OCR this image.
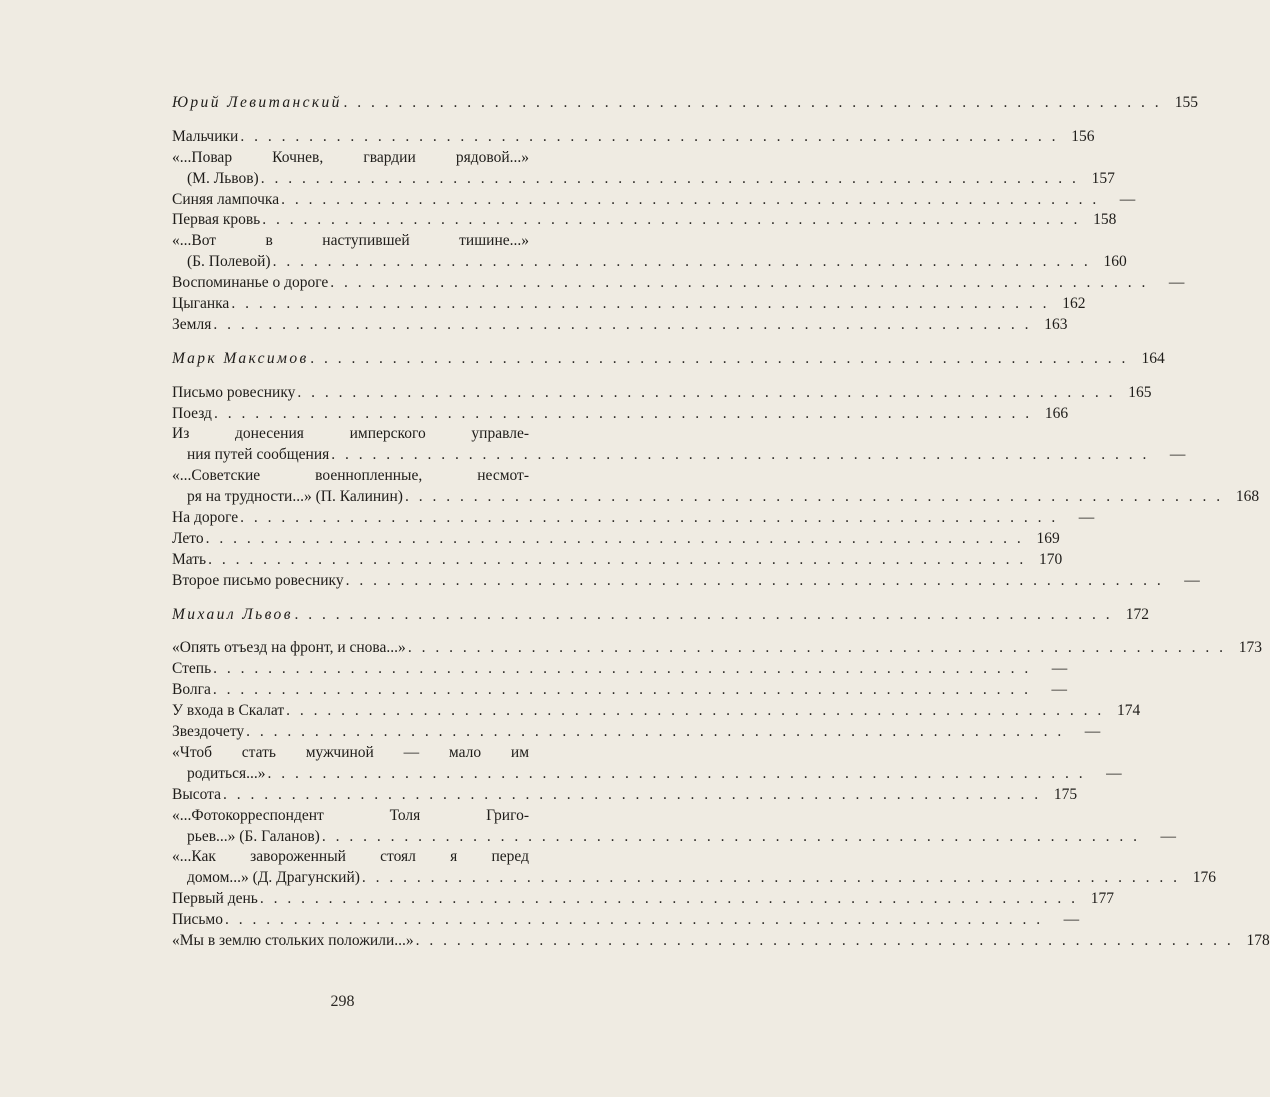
Юрий Левитанский . . . . . . . . . . . . . . . . . . . . . . . . . . . . . . . . . . . . . . . . . . . . . . . . . . . . . . . . . . . . 155
Мальчики . . . . . . . . . . . . . . . . . . . . . . . . . . . . . . . . . . . . . . . . . . . . . . . . . . . . . . . . . . . . 156
«...Повар Кочнев, гвардии рядовой...»
(М. Львов) . . . . . . . . . . . . . . . . . . . . . . . . . . . . . . . . . . . . . . . . . . . . . . . . . . . . . . . . . . . . 157
Синяя лампочка . . . . . . . . . . . . . . . . . . . . . . . . . . . . . . . . . . . . . . . . . . . . . . . . . . . . . . . . . . . .	—
Первая кровь . . . . . . . . . . . . . . . . . . . . . . . . . . . . . . . . . . . . . . . . . . . . . . . . . . . . . . . . . . . . 158
«...Вот в наступившей тишине...»
(Б. Полевой) . . . . . . . . . . . . . . . . . . . . . . . . . . . . . . . . . . . . . . . . . . . . . . . . . . . . . . . . . . . . 160
Воспоминанье о дороге . . . . . . . . . . . . . . . . . . . . . . . . . . . . . . . . . . . . . . . . . . . . . . . . . . . . . . . . . . . .	—
Цыганка . . . . . . . . . . . . . . . . . . . . . . . . . . . . . . . . . . . . . . . . . . . . . . . . . . . . . . . . . . . . 162
Земля . . . . . . . . . . . . . . . . . . . . . . . . . . . . . . . . . . . . . . . . . . . . . . . . . . . . . . . . . . . . 163
Марк Максимов . . . . . . . . . . . . . . . . . . . . . . . . . . . . . . . . . . . . . . . . . . . . . . . . . . . . . . . . . . . . 164
Письмо ровеснику . . . . . . . . . . . . . . . . . . . . . . . . . . . . . . . . . . . . . . . . . . . . . . . . . . . . . . . . . . . . 165
Поезд . . . . . . . . . . . . . . . . . . . . . . . . . . . . . . . . . . . . . . . . . . . . . . . . . . . . . . . . . . . . 166
Из донесения имперского управле-
ния путей сообщения . . . . . . . . . . . . . . . . . . . . . . . . . . . . . . . . . . . . . . . . . . . . . . . . . . . . . . . . . . . .	—
«...Советские военнопленные, несмот-
ря на трудности...» (П. Калинин) . . . . . . . . . . . . . . . . . . . . . . . . . . . . . . . . . . . . . . . . . . . . . . . . . . . . . . . . . . . . 168
На дороге . . . . . . . . . . . . . . . . . . . . . . . . . . . . . . . . . . . . . . . . . . . . . . . . . . . . . . . . . . . .	—
Лето . . . . . . . . . . . . . . . . . . . . . . . . . . . . . . . . . . . . . . . . . . . . . . . . . . . . . . . . . . . . 169
Мать . . . . . . . . . . . . . . . . . . . . . . . . . . . . . . . . . . . . . . . . . . . . . . . . . . . . . . . . . . . . 170
Второе письмо ровеснику . . . . . . . . . . . . . . . . . . . . . . . . . . . . . . . . . . . . . . . . . . . . . . . . . . . . . . . . . . . .	—
Михаил Львов . . . . . . . . . . . . . . . . . . . . . . . . . . . . . . . . . . . . . . . . . . . . . . . . . . . . . . . . . . . . 172
«Опять отъезд на фронт, и снова...» . . . . . . . . . . . . . . . . . . . . . . . . . . . . . . . . . . . . . . . . . . . . . . . . . . . . . . . . . . . . 173
Степь . . . . . . . . . . . . . . . . . . . . . . . . . . . . . . . . . . . . . . . . . . . . . . . . . . . . . . . . . . . .	—
Волга . . . . . . . . . . . . . . . . . . . . . . . . . . . . . . . . . . . . . . . . . . . . . . . . . . . . . . . . . . . .	—
У входа в Скалат . . . . . . . . . . . . . . . . . . . . . . . . . . . . . . . . . . . . . . . . . . . . . . . . . . . . . . . . . . . . 174
Звездочету . . . . . . . . . . . . . . . . . . . . . . . . . . . . . . . . . . . . . . . . . . . . . . . . . . . . . . . . . . . .	—
«Чтоб стать мужчиной — мало им
родиться...» . . . . . . . . . . . . . . . . . . . . . . . . . . . . . . . . . . . . . . . . . . . . . . . . . . . . . . . . . . . .	—
Высота . . . . . . . . . . . . . . . . . . . . . . . . . . . . . . . . . . . . . . . . . . . . . . . . . . . . . . . . . . . . 175
«...Фотокорреспондент Толя Григо-
рьев...» (Б. Галанов) . . . . . . . . . . . . . . . . . . . . . . . . . . . . . . . . . . . . . . . . . . . . . . . . . . . . . . . . . . . .	—
«...Как завороженный стоял я перед
домом...» (Д. Драгунский) . . . . . . . . . . . . . . . . . . . . . . . . . . . . . . . . . . . . . . . . . . . . . . . . . . . . . . . . . . . . 176
Первый день . . . . . . . . . . . . . . . . . . . . . . . . . . . . . . . . . . . . . . . . . . . . . . . . . . . . . . . . . . . . 177
Письмо . . . . . . . . . . . . . . . . . . . . . . . . . . . . . . . . . . . . . . . . . . . . . . . . . . . . . . . . . . . .	—
«Мы в землю стольких положили...» . . . . . . . . . . . . . . . . . . . . . . . . . . . . . . . . . . . . . . . . . . . . . . . . . . . . . . . . . . . . 178
298
